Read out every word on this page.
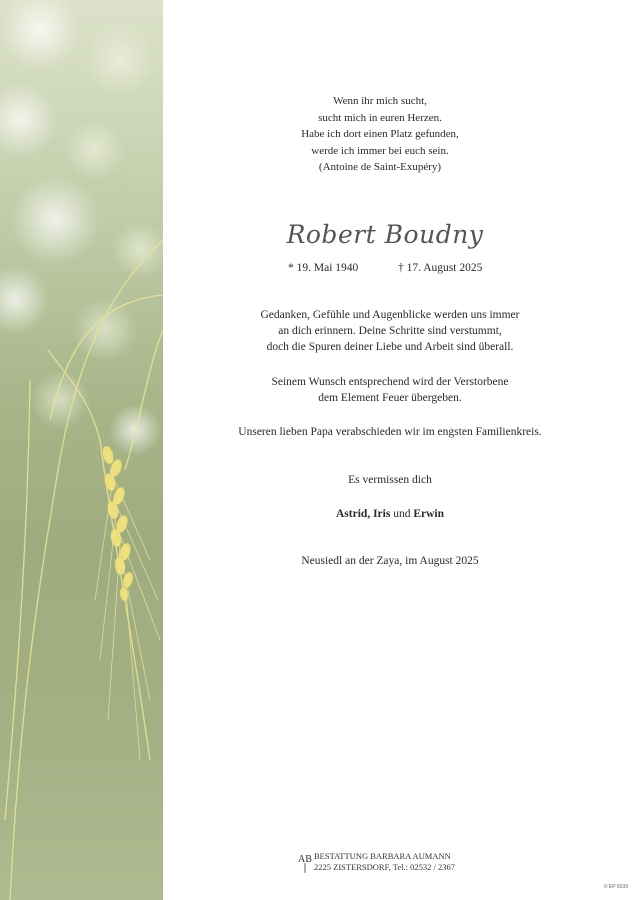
Wenn ihr mich sucht,
sucht mich in euren Herzen.
Habe ich dort einen Platz gefunden,
werde ich immer bei euch sein.
(Antoine de Saint-Exupéry)
Robert Boudny
* 19. Mai 1940	† 17. August 2025
Gedanken, Gefühle und Augenblicke werden uns immer
an dich erinnern. Deine Schritte sind verstummt,
doch die Spuren deiner Liebe und Arbeit sind überall.
Seinem Wunsch entsprechend wird der Verstorbene
dem Element Feuer übergeben.
Unseren lieben Papa verabschieden wir im engsten Familienkreis.
Es vermissen dich
Astrid, Iris und Erwin
Neusiedl an der Zaya, im August 2025
AB BESTATTUNG BARBARA AUMANN
2225 ZISTERSDORF, Tel.: 02532 / 2367
© EP 5039
